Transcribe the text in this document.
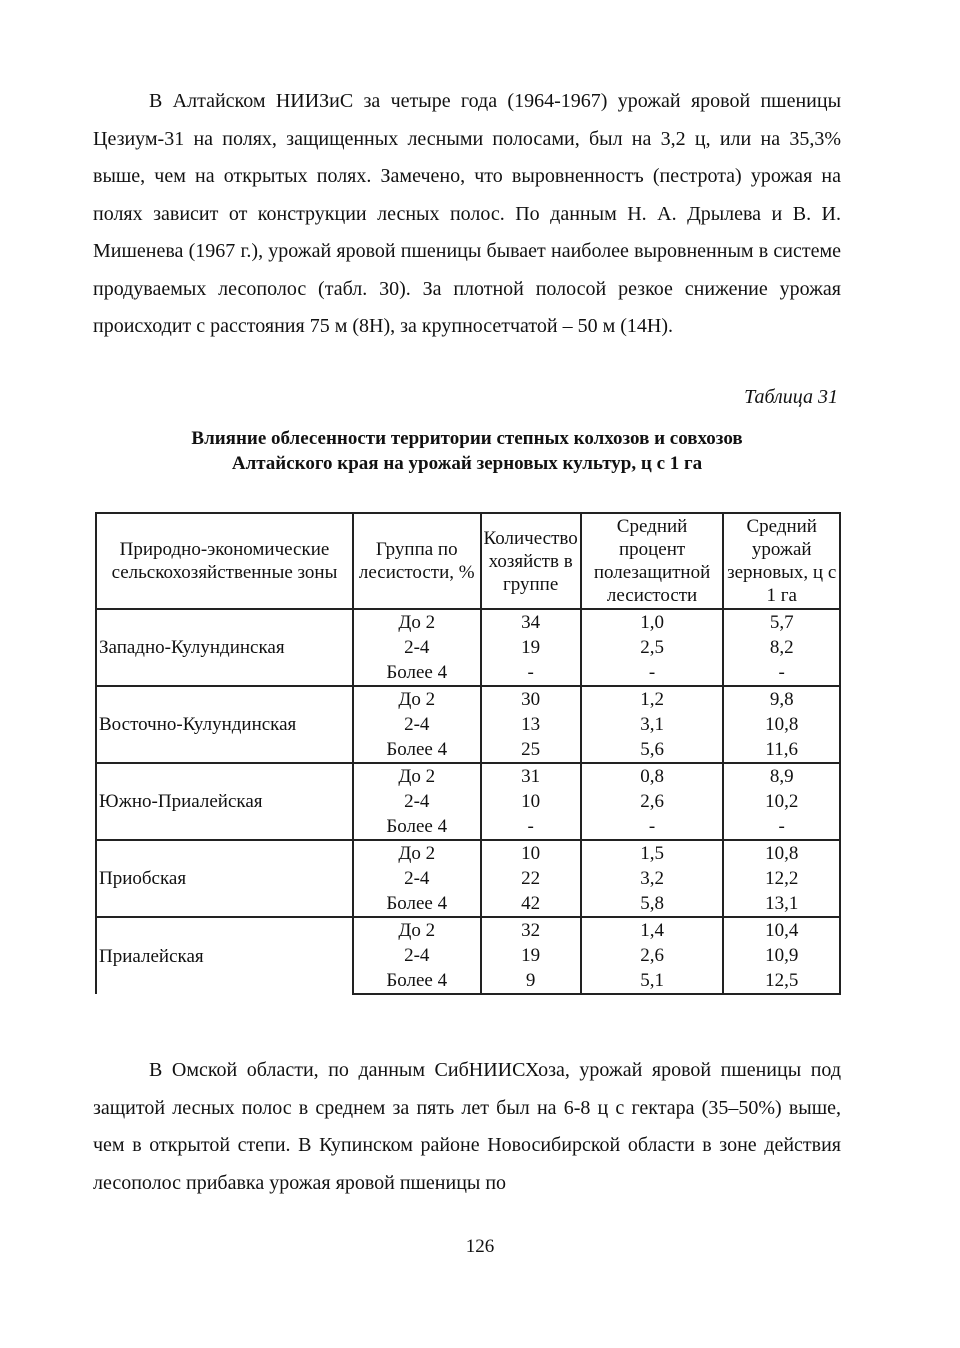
В Алтайском НИИЗиС за четыре года (1964-1967) урожай яровой пшеницы Цезиум-31 на полях, защищенных лесными полосами, был на 3,2 ц, или на 35,3% выше, чем на открытых полях. Замечено, что выровненностъ (пестрота) урожая на полях зависит от конструкции лесных полос. По данным Н. А. Дрылева и В. И. Мишенева (1967 г.), урожай яровой пшеницы бывает наиболее выровненным в системе продуваемых лесополос (табл. 30). За плотной полосой резкое снижение урожая происходит с расстояния 75 м (8Н), за крупносетчатой – 50 м (14Н).

Таблица 31
Влияние облесенности территории степных колхозов и совхозов
Алтайского края на урожай зерновых культур, ц с 1 га
Природно-экономические сельскохозяйственные зоны	Группа по лесистости, %	Количество хозяйств в группе	Средний процент полезащитной лесистости	Средний урожай зерновых, ц с 1 га
Западно-Кулундинская	До 2	34	1,0	5,7
	2-4	19	2,5	8,2
	Более 4	-	-	-
Восточно-Кулундинская	До 2	30	1,2	9,8
	2-4	13	3,1	10,8
	Более 4	25	5,6	11,6
Южно-Приалейская	До 2	31	0,8	8,9
	2-4	10	2,6	10,2
	Более 4	-	-	-
Приобская	До 2	10	1,5	10,8
	2-4	22	3,2	12,2
	Более 4	42	5,8	13,1
Приалейская	До 2	32	1,4	10,4
	2-4	19	2,6	10,9
	Более 4	9	5,1	12,5

В Омской области, по данным СибНИИСХоза, урожай яровой пшеницы под защитой лесных полос в среднем за пять лет был на 6-8 ц с гектара (35–50%) выше, чем в открытой степи. В Купинском районе Новосибирской области в зоне действия лесополос прибавка урожая яровой пшеницы по

126
